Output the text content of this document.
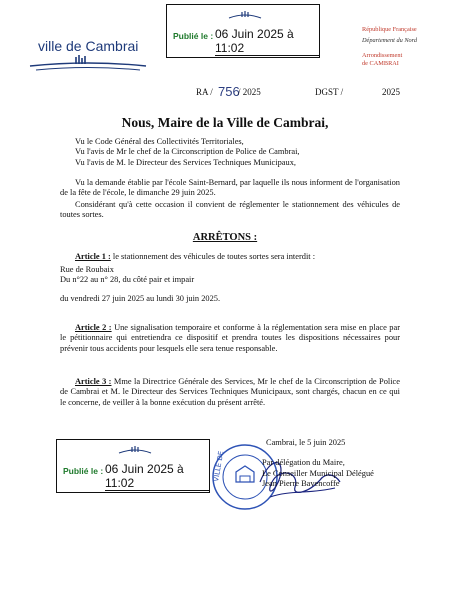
Publié le : 06 Juin 2025 à 11:02
ville de Cambrai
République Française
Département du Nord
Arrondissement
de CAMBRAI
RA / 756
/ 2025	DGST /	2025
Nous, Maire de la Ville de Cambrai,
Vu le Code Général des Collectivités Territoriales,
Vu l'avis de Mr le chef de la Circonscription de Police de Cambrai,
Vu l'avis de M. le Directeur des Services Techniques Municipaux,
Vu la demande établie par l'école Saint-Bernard, par laquelle ils nous informent de l'organisation de la fête de l'école, le dimanche 29 juin 2025.
Considérant qu'à cette occasion il convient de réglementer le stationnement des véhicules de toutes sortes.
ARRÊTONS :
Article 1 : le stationnement des véhicules de toutes sortes sera interdit :
Rue de Roubaix
Du n°22 au n° 28, du côté pair et impair
du vendredi 27 juin 2025 au lundi 30 juin 2025.
Article 2 : Une signalisation temporaire et conforme à la réglementation sera mise en place par le pétitionnaire qui entretiendra ce dispositif et prendra toutes les dispositions nécessaires pour prévenir tous accidents pour lesquels elle sera tenue responsable.
Article 3 : Mme la Directrice Générale des Services, Mr le chef de la Circonscription de Police de Cambrai et M. le Directeur des Services Techniques Municipaux, sont chargés, chacun en ce qui le concerne, de veiller à la bonne exécution du présent arrêté.
Publié le : 06 Juin 2025 à 11:02
Cambrai, le 5 juin 2025
VILLE DE	Par délégation du Maire,
Le Conseiller Municipal Délégué
Jean Pierre Bavencoffe
